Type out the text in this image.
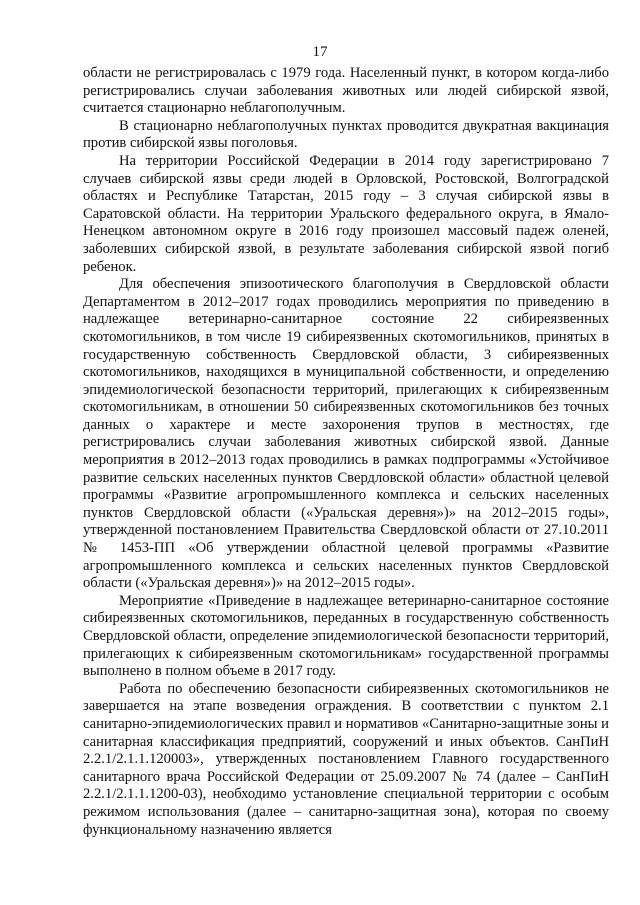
17

области не регистрировалась с 1979 года. Населенный пункт, в котором когда-либо регистрировались случаи заболевания животных или людей сибирской язвой, считается стационарно неблагополучным.

В стационарно неблагополучных пунктах проводится двукратная вакцинация против сибирской язвы поголовья.

На территории Российской Федерации в 2014 году зарегистрировано 7 случаев сибирской язвы среди людей в Орловской, Ростовской, Волгоградской областях и Республике Татарстан, 2015 году – 3 случая сибирской язвы в Саратовской области. На территории Уральского федерального округа, в Ямало-Ненецком автономном округе в 2016 году произошел массовый падеж оленей, заболевших сибирской язвой, в результате заболевания сибирской язвой погиб ребенок.

Для обеспечения эпизоотического благополучия в Свердловской области Департаментом в 2012–2017 годах проводились мероприятия по приведению в надлежащее ветеринарно-санитарное состояние 22 сибиреязвенных скотомогильников, в том числе 19 сибиреязвенных скотомогильников, принятых в государственную собственность Свердловской области, 3 сибиреязвенных скотомогильников, находящихся в муниципальной собственности, и определению эпидемиологической безопасности территорий, прилегающих к сибиреязвенным скотомогильникам, в отношении 50 сибиреязвенных скотомогильников без точных данных о характере и месте захоронения трупов в местностях, где регистрировались случаи заболевания животных сибирской язвой. Данные мероприятия в 2012–2013 годах проводились в рамках подпрограммы «Устойчивое развитие сельских населенных пунктов Свердловской области» областной целевой программы «Развитие агропромышленного комплекса и сельских населенных пунктов Свердловской области («Уральская деревня»)» на 2012–2015 годы», утвержденной постановлением Правительства Свердловской области от 27.10.2011 № 1453-ПП «Об утверждении областной целевой программы «Развитие агропромышленного комплекса и сельских населенных пунктов Свердловской области («Уральская деревня»)» на 2012–2015 годы».

Мероприятие «Приведение в надлежащее ветеринарно-санитарное состояние сибиреязвенных скотомогильников, переданных в государственную собственность Свердловской области, определение эпидемиологической безопасности территорий, прилегающих к сибиреязвенным скотомогильникам» государственной программы выполнено в полном объеме в 2017 году.

Работа по обеспечению безопасности сибиреязвенных скотомогильников не завершается на этапе возведения ограждения. В соответствии с пунктом 2.1 санитарно-эпидемиологических правил и нормативов «Санитарно-защитные зоны и санитарная классификация предприятий, сооружений и иных объектов. СанПиН 2.2.1/2.1.1.120003», утвержденных постановлением Главного государственного санитарного врача Российской Федерации от 25.09.2007 № 74 (далее – СанПиН 2.2.1/2.1.1.1200-03), необходимо установление специальной территории с особым режимом использования (далее – санитарно-защитная зона), которая по своему функциональному назначению является
